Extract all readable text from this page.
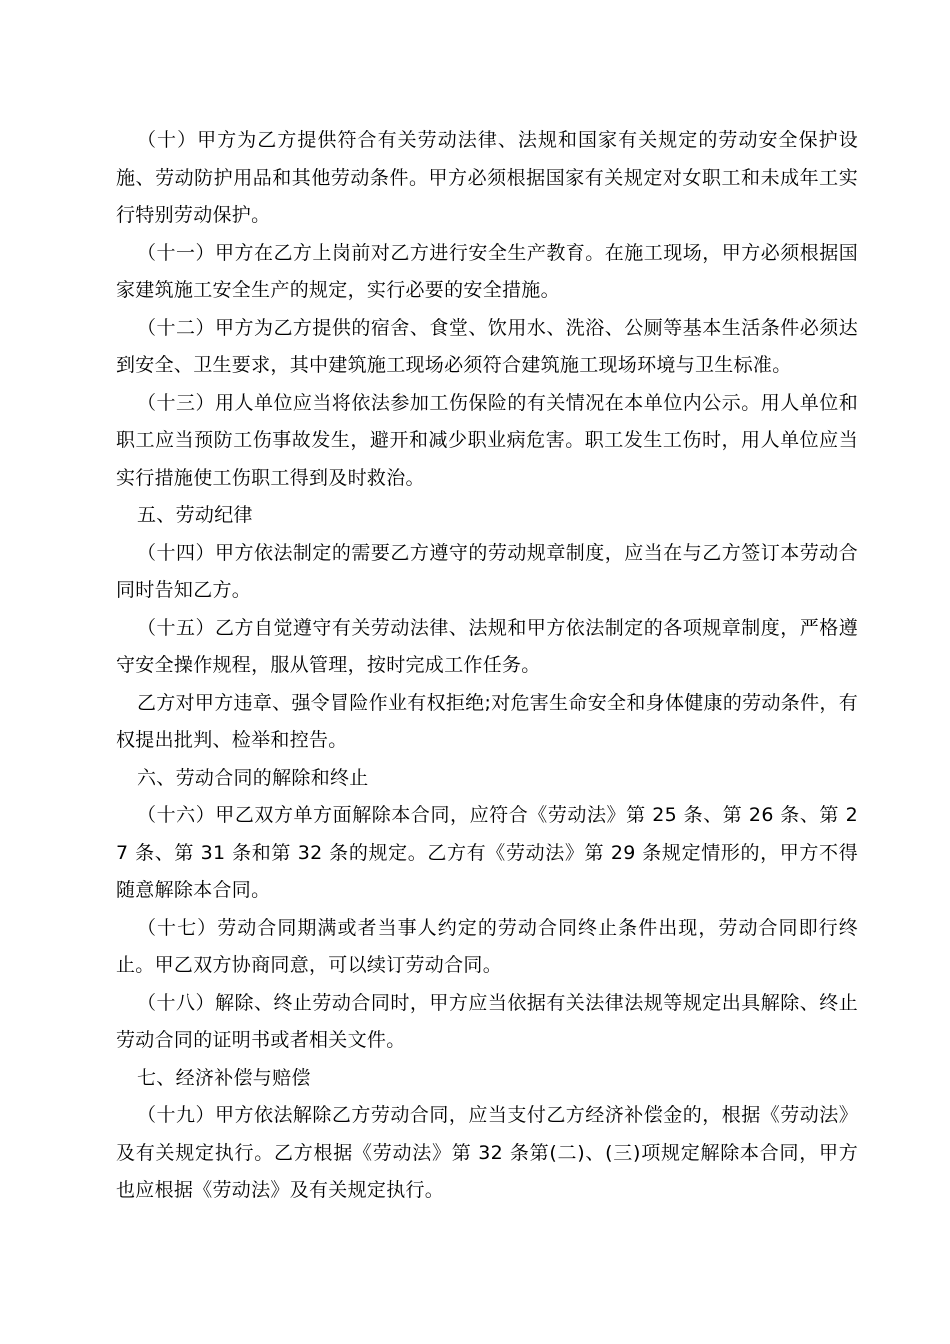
（十）甲方为乙方提供符合有关劳动法律、法规和国家有关规定的劳动安全保护设施、劳动防护用品和其他劳动条件。甲方必须根据国家有关规定对女职工和未成年工实行特别劳动保护。

（十一）甲方在乙方上岗前对乙方进行安全生产教育。在施工现场，甲方必须根据国家建筑施工安全生产的规定，实行必要的安全措施。

（十二）甲方为乙方提供的宿舍、食堂、饮用水、洗浴、公厕等基本生活条件必须达到安全、卫生要求，其中建筑施工现场必须符合建筑施工现场环境与卫生标准。

（十三）用人单位应当将依法参加工伤保险的有关情况在本单位内公示。用人单位和职工应当预防工伤事故发生，避开和减少职业病危害。职工发生工伤时，用人单位应当实行措施使工伤职工得到及时救治。

五、劳动纪律

（十四）甲方依法制定的需要乙方遵守的劳动规章制度，应当在与乙方签订本劳动合同时告知乙方。

（十五）乙方自觉遵守有关劳动法律、法规和甲方依法制定的各项规章制度，严格遵守安全操作规程，服从管理，按时完成工作任务。

乙方对甲方违章、强令冒险作业有权拒绝;对危害生命安全和身体健康的劳动条件，有权提出批判、检举和控告。

六、劳动合同的解除和终止

（十六）甲乙双方单方面解除本合同，应符合《劳动法》第 25 条、第 26 条、第 27 条、第 31 条和第 32 条的规定。乙方有《劳动法》第 29 条规定情形的，甲方不得随意解除本合同。

（十七）劳动合同期满或者当事人约定的劳动合同终止条件出现，劳动合同即行终止。甲乙双方协商同意，可以续订劳动合同。

（十八）解除、终止劳动合同时，甲方应当依据有关法律法规等规定出具解除、终止劳动合同的证明书或者相关文件。

七、经济补偿与赔偿

（十九）甲方依法解除乙方劳动合同，应当支付乙方经济补偿金的，根据《劳动法》及有关规定执行。乙方根据《劳动法》第 32 条第(二)、(三)项规定解除本合同，甲方也应根据《劳动法》及有关规定执行。
